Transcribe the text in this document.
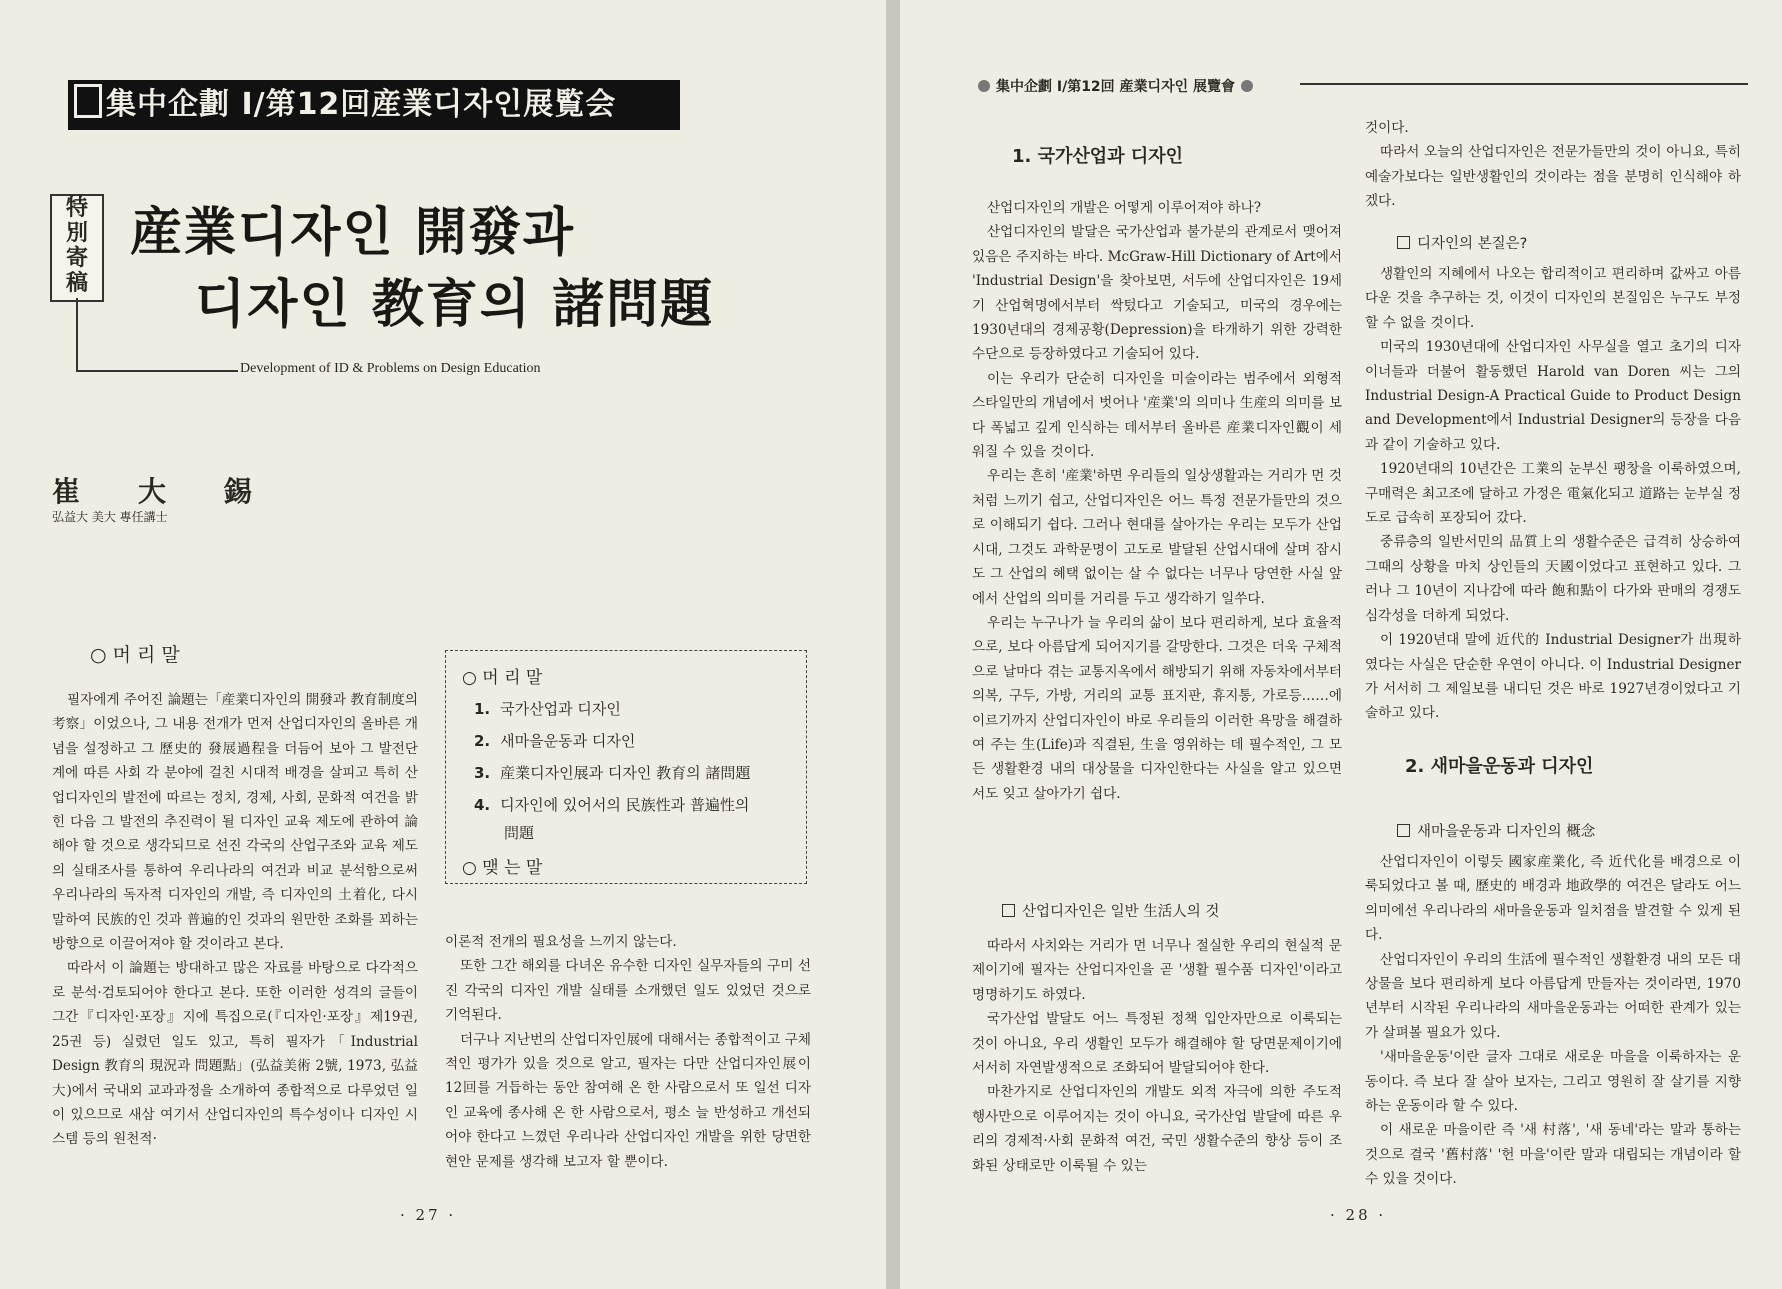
集中企劃 I/第12回産業디자인展覧会
特
別
寄
稿
産業디자인 開發과
디자인 教育의 諸問題
Development of ID & Problems on Design Education
崔大錫
弘益大 美大 專任講士
○ 머 리 말

필자에게 주어진 論題는「産業디자인의 開發과 教育制度의 考察」이었으나, 그 내용 전개가 먼저 산업디자인의 올바른 개념을 설정하고 그 歷史的 發展過程을 더듬어 보아 그 발전단계에 따른 사회 각 분야에 걸친 시대적 배경을 살피고 특히 산업디자인의 발전에 따르는 정치, 경제, 사회, 문화적 여건을 밝힌 다음 그 발전의 추진력이 될 디자인 교육 제도에 관하여 論해야 할 것으로 생각되므로 선진 각국의 산업구조와 교육 제도의 실태조사를 통하여 우리나라의 여건과 비교 분석함으로써 우리나라의 독자적 디자인의 개발, 즉 디자인의 土着化, 다시 말하여 民族的인 것과 普遍的인 것과의 원만한 조화를 꾀하는 방향으로 이끌어져야 할 것이라고 본다.

따라서 이 論題는 방대하고 많은 자료를 바탕으로 다각적으로 분석·검토되어야 한다고 본다. 또한 이러한 성격의 글들이 그간『디자인·포장』지에 특집으로(『디자인·포장』제19권, 25권 등) 실렸던 일도 있고, 특히 필자가「Industrial Design 教育의 現況과 問題點」(弘益美術 2號, 1973, 弘益大)에서 국내외 교과과정을 소개하여 종합적으로 다루었던 일이 있으므로 새삼 여기서 산업디자인의 특수성이나 디자인 시스템 등의 원천적·

○ 머 리 말
1. 국가산업과 디자인
2. 새마을운동과 디자인
3. 産業디자인展과 디자인 教育의 諸問題
4. 디자인에 있어서의 民族性과 普遍性의
問題
○ 맺 는 말

이론적 전개의 필요성을 느끼지 않는다.

또한 그간 해외를 다녀온 유수한 디자인 실무자들의 구미 선진 각국의 디자인 개발 실태를 소개했던 일도 있었던 것으로 기억된다.

더구나 지난번의 산업디자인展에 대해서는 종합적이고 구체적인 평가가 있을 것으로 알고, 필자는 다만 산업디자인展이 12回를 거듭하는 동안 참여해 온 한 사람으로서 또 일선 디자인 교육에 종사해 온 한 사람으로서, 평소 늘 반성하고 개선되어야 한다고 느꼈던 우리나라 산업디자인 개발을 위한 당면한 현안 문제를 생각해 보고자 할 뿐이다.

· 27 ·
集中企劃 I/第12回 産業디자인 展覽會
1. 국가산업과 디자인

산업디자인의 개발은 어떻게 이루어져야 하나?

산업디자인의 발달은 국가산업과 불가분의 관계로서 맺어져 있음은 주지하는 바다. McGraw-Hill Dictionary of Art에서 'Industrial Design'을 찾아보면, 서두에 산업디자인은 19세기 산업혁명에서부터 싹텄다고 기술되고, 미국의 경우에는 1930년대의 경제공황(Depression)을 타개하기 위한 강력한 수단으로 등장하였다고 기술되어 있다.

이는 우리가 단순히 디자인을 미술이라는 범주에서 외형적 스타일만의 개념에서 벗어나 '産業'의 의미나 生産의 의미를 보다 폭넓고 깊게 인식하는 데서부터 올바른 産業디자인觀이 세워질 수 있을 것이다.

우리는 흔히 '産業'하면 우리들의 일상생활과는 거리가 먼 것처럼 느끼기 쉽고, 산업디자인은 어느 특정 전문가들만의 것으로 이해되기 쉽다. 그러나 현대를 살아가는 우리는 모두가 산업시대, 그것도 과학문명이 고도로 발달된 산업시대에 살며 잠시도 그 산업의 혜택 없이는 살 수 없다는 너무나 당연한 사실 앞에서 산업의 의미를 거리를 두고 생각하기 일쑤다.

우리는 누구나가 늘 우리의 삶이 보다 편리하게, 보다 효율적으로, 보다 아름답게 되어지기를 갈망한다. 그것은 더욱 구체적으로 날마다 겪는 교통지옥에서 해방되기 위해 자동차에서부터 의복, 구두, 가방, 거리의 교통 표지판, 휴지통, 가로등……에 이르기까지 산업디자인이 바로 우리들의 이러한 욕망을 해결하여 주는 生(Life)과 직결된, 生을 영위하는 데 필수적인, 그 모든 생활환경 내의 대상물을 디자인한다는 사실을 알고 있으면서도 잊고 살아가기 쉽다.

산업디자인은 일반 生活人의 것

따라서 사치와는 거리가 먼 너무나 절실한 우리의 현실적 문제이기에 필자는 산업디자인을 곧 '생활 필수품 디자인'이라고 명명하기도 하였다.

국가산업 발달도 어느 특정된 정책 입안자만으로 이룩되는 것이 아니요, 우리 생활인 모두가 해결해야 할 당면문제이기에 서서히 자연발생적으로 조화되어 발달되어야 한다.

마찬가지로 산업디자인의 개발도 외적 자극에 의한 주도적 행사만으로 이루어지는 것이 아니요, 국가산업 발달에 따른 우리의 경제적·사회 문화적 여건, 국민 생활수준의 향상 등이 조화된 상태로만 이룩될 수 있는

것이다.

따라서 오늘의 산업디자인은 전문가들만의 것이 아니요, 특히 예술가보다는 일반생활인의 것이라는 점을 분명히 인식해야 하겠다.

디자인의 본질은?

생활인의 지혜에서 나오는 합리적이고 편리하며 값싸고 아름다운 것을 추구하는 것, 이것이 디자인의 본질임은 누구도 부정할 수 없을 것이다.

미국의 1930년대에 산업디자인 사무실을 열고 초기의 디자이너들과 더불어 활동했던 Harold van Doren 씨는 그의 Industrial Design-A Practical Guide to Product Design and Development에서 Industrial Designer의 등장을 다음과 같이 기술하고 있다.

1920년대의 10년간은 工業의 눈부신 팽창을 이룩하였으며, 구매력은 최고조에 달하고 가정은 電氣化되고 道路는 눈부실 정도로 급속히 포장되어 갔다.

중류층의 일반서민의 品質上의 생활수준은 급격히 상승하여 그때의 상황을 마치 상인들의 天國이었다고 표현하고 있다. 그러나 그 10년이 지나감에 따라 飽和點이 다가와 판매의 경쟁도 심각성을 더하게 되었다.

이 1920년대 말에 近代的 Industrial Designer가 出現하였다는 사실은 단순한 우연이 아니다. 이 Industrial Designer가 서서히 그 제일보를 내디딘 것은 바로 1927년경이었다고 기술하고 있다.

2. 새마을운동과 디자인
새마을운동과 디자인의 概念

산업디자인이 이렇듯 國家産業化, 즉 近代化를 배경으로 이룩되었다고 볼 때, 歷史的 배경과 地政學的 여건은 달라도 어느 의미에선 우리나라의 새마을운동과 일치점을 발견할 수 있게 된다.

산업디자인이 우리의 生活에 필수적인 생활환경 내의 모든 대상물을 보다 편리하게 보다 아름답게 만들자는 것이라면, 1970년부터 시작된 우리나라의 새마을운동과는 어떠한 관계가 있는가 살펴볼 필요가 있다.

'새마을운동'이란 글자 그대로 새로운 마을을 이룩하자는 운동이다. 즉 보다 잘 살아 보자는, 그리고 영원히 잘 살기를 지향하는 운동이라 할 수 있다.

이 새로운 마을이란 즉 '새 村落', '새 동네'라는 말과 통하는 것으로 결국 '舊村落' '헌 마을'이란 말과 대립되는 개념이라 할 수 있을 것이다.

· 28 ·
